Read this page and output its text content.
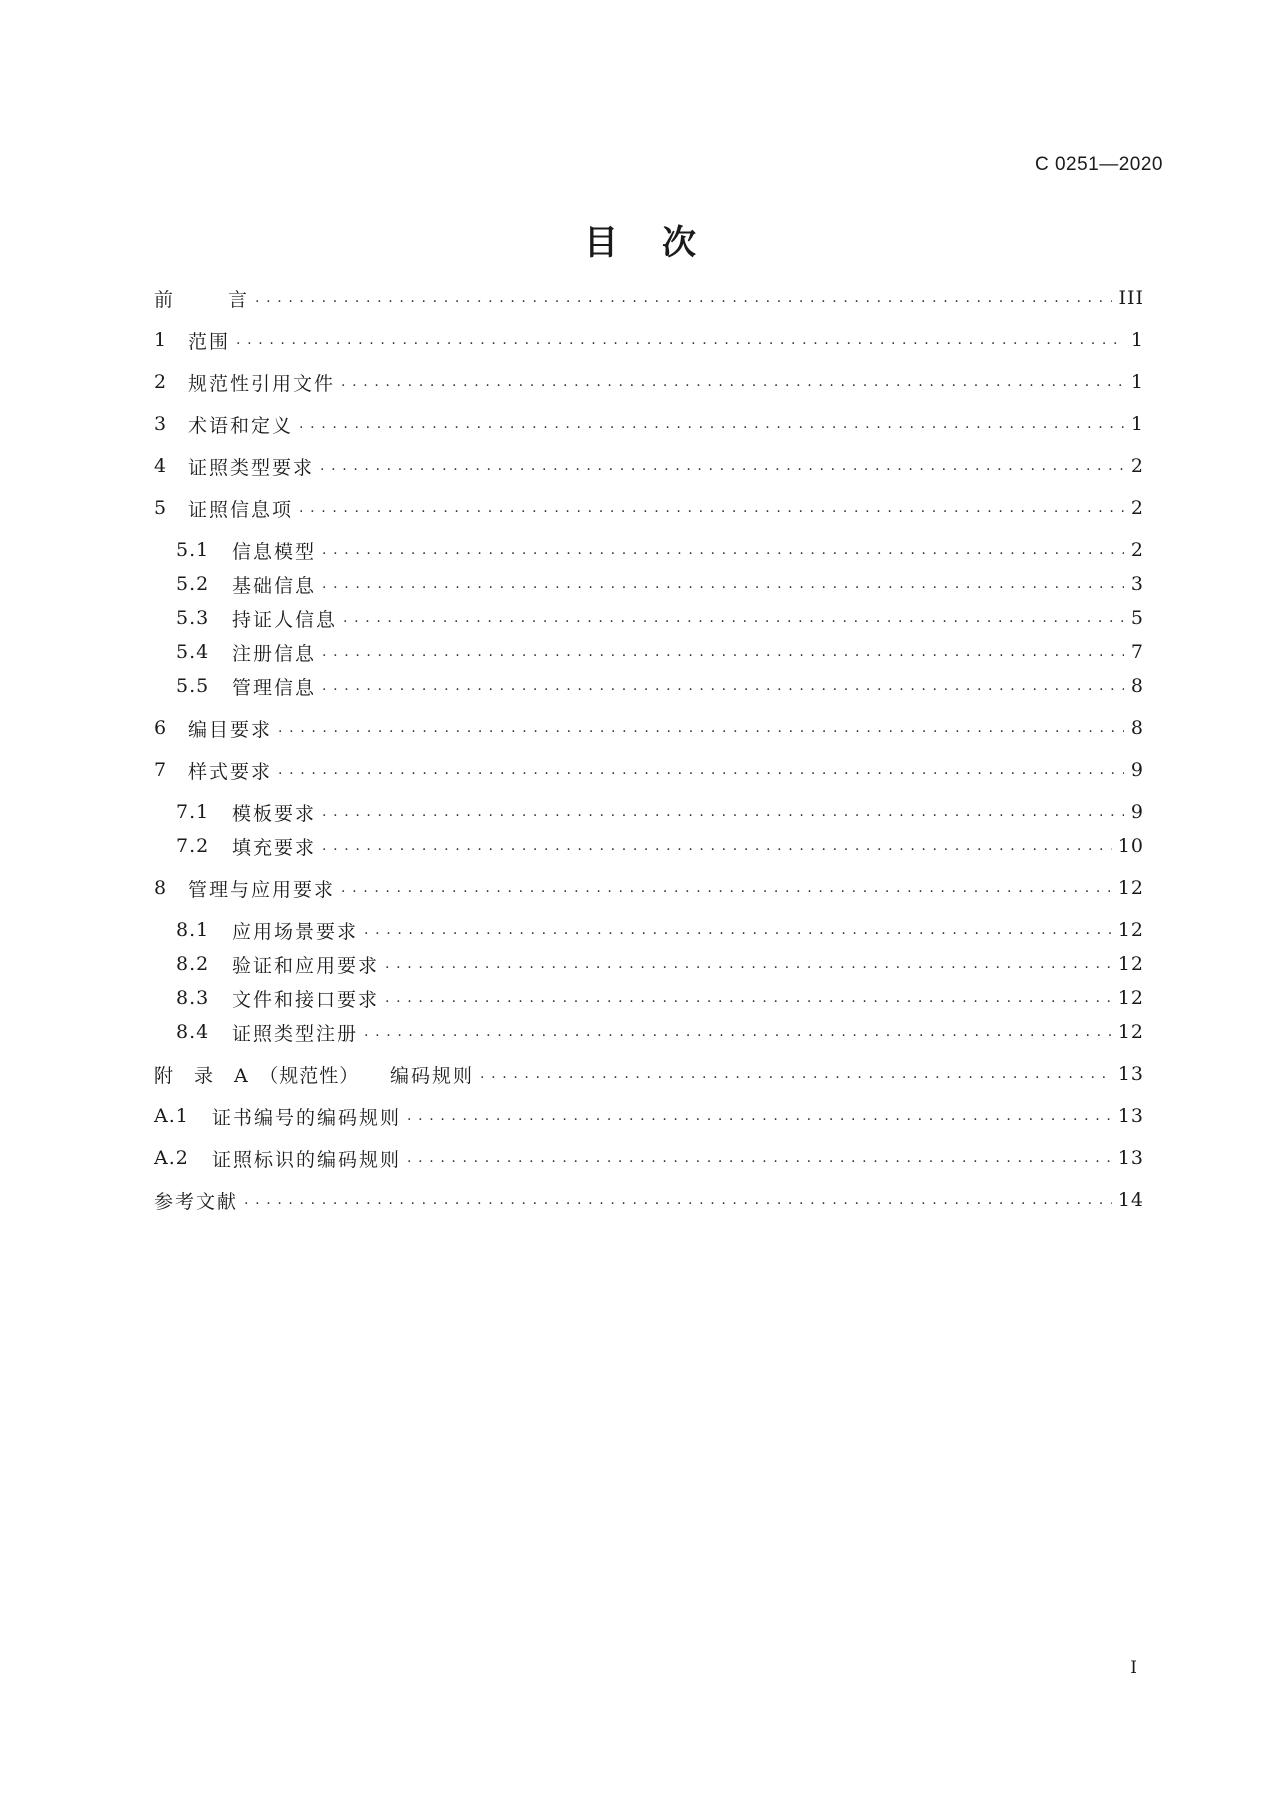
C 0251—2020
目 次
前	言 . . .	III
1	范围 . . .	1
2	规范性引用文件 . . .	1
3	术语和定义 . . .	1
4	证照类型要求 . . .	2
5	证照信息项 . . .	2
5.1	信息模型 . . .	2
5.2	基础信息 . . .	3
5.3	持证人信息 . . .	5
5.4	注册信息 . . .	7
5.5	管理信息 . . .	8
6	编目要求 . . .	8
7	样式要求 . . .	9
7.1	模板要求 . . .	9
7.2	填充要求 . . .	10
8	管理与应用要求 . . .	12
8.1	应用场景要求 . . .	12
8.2	验证和应用要求 . . .	12
8.3	文件和接口要求 . . .	12
8.4	证照类型注册 . . .	12
附　录　A　（规范性）	编码规则 . . .	13
A.1	证书编号的编码规则 . . .	13
A.2	证照标识的编码规则 . . .	13
参考文献 . . .	14
I
